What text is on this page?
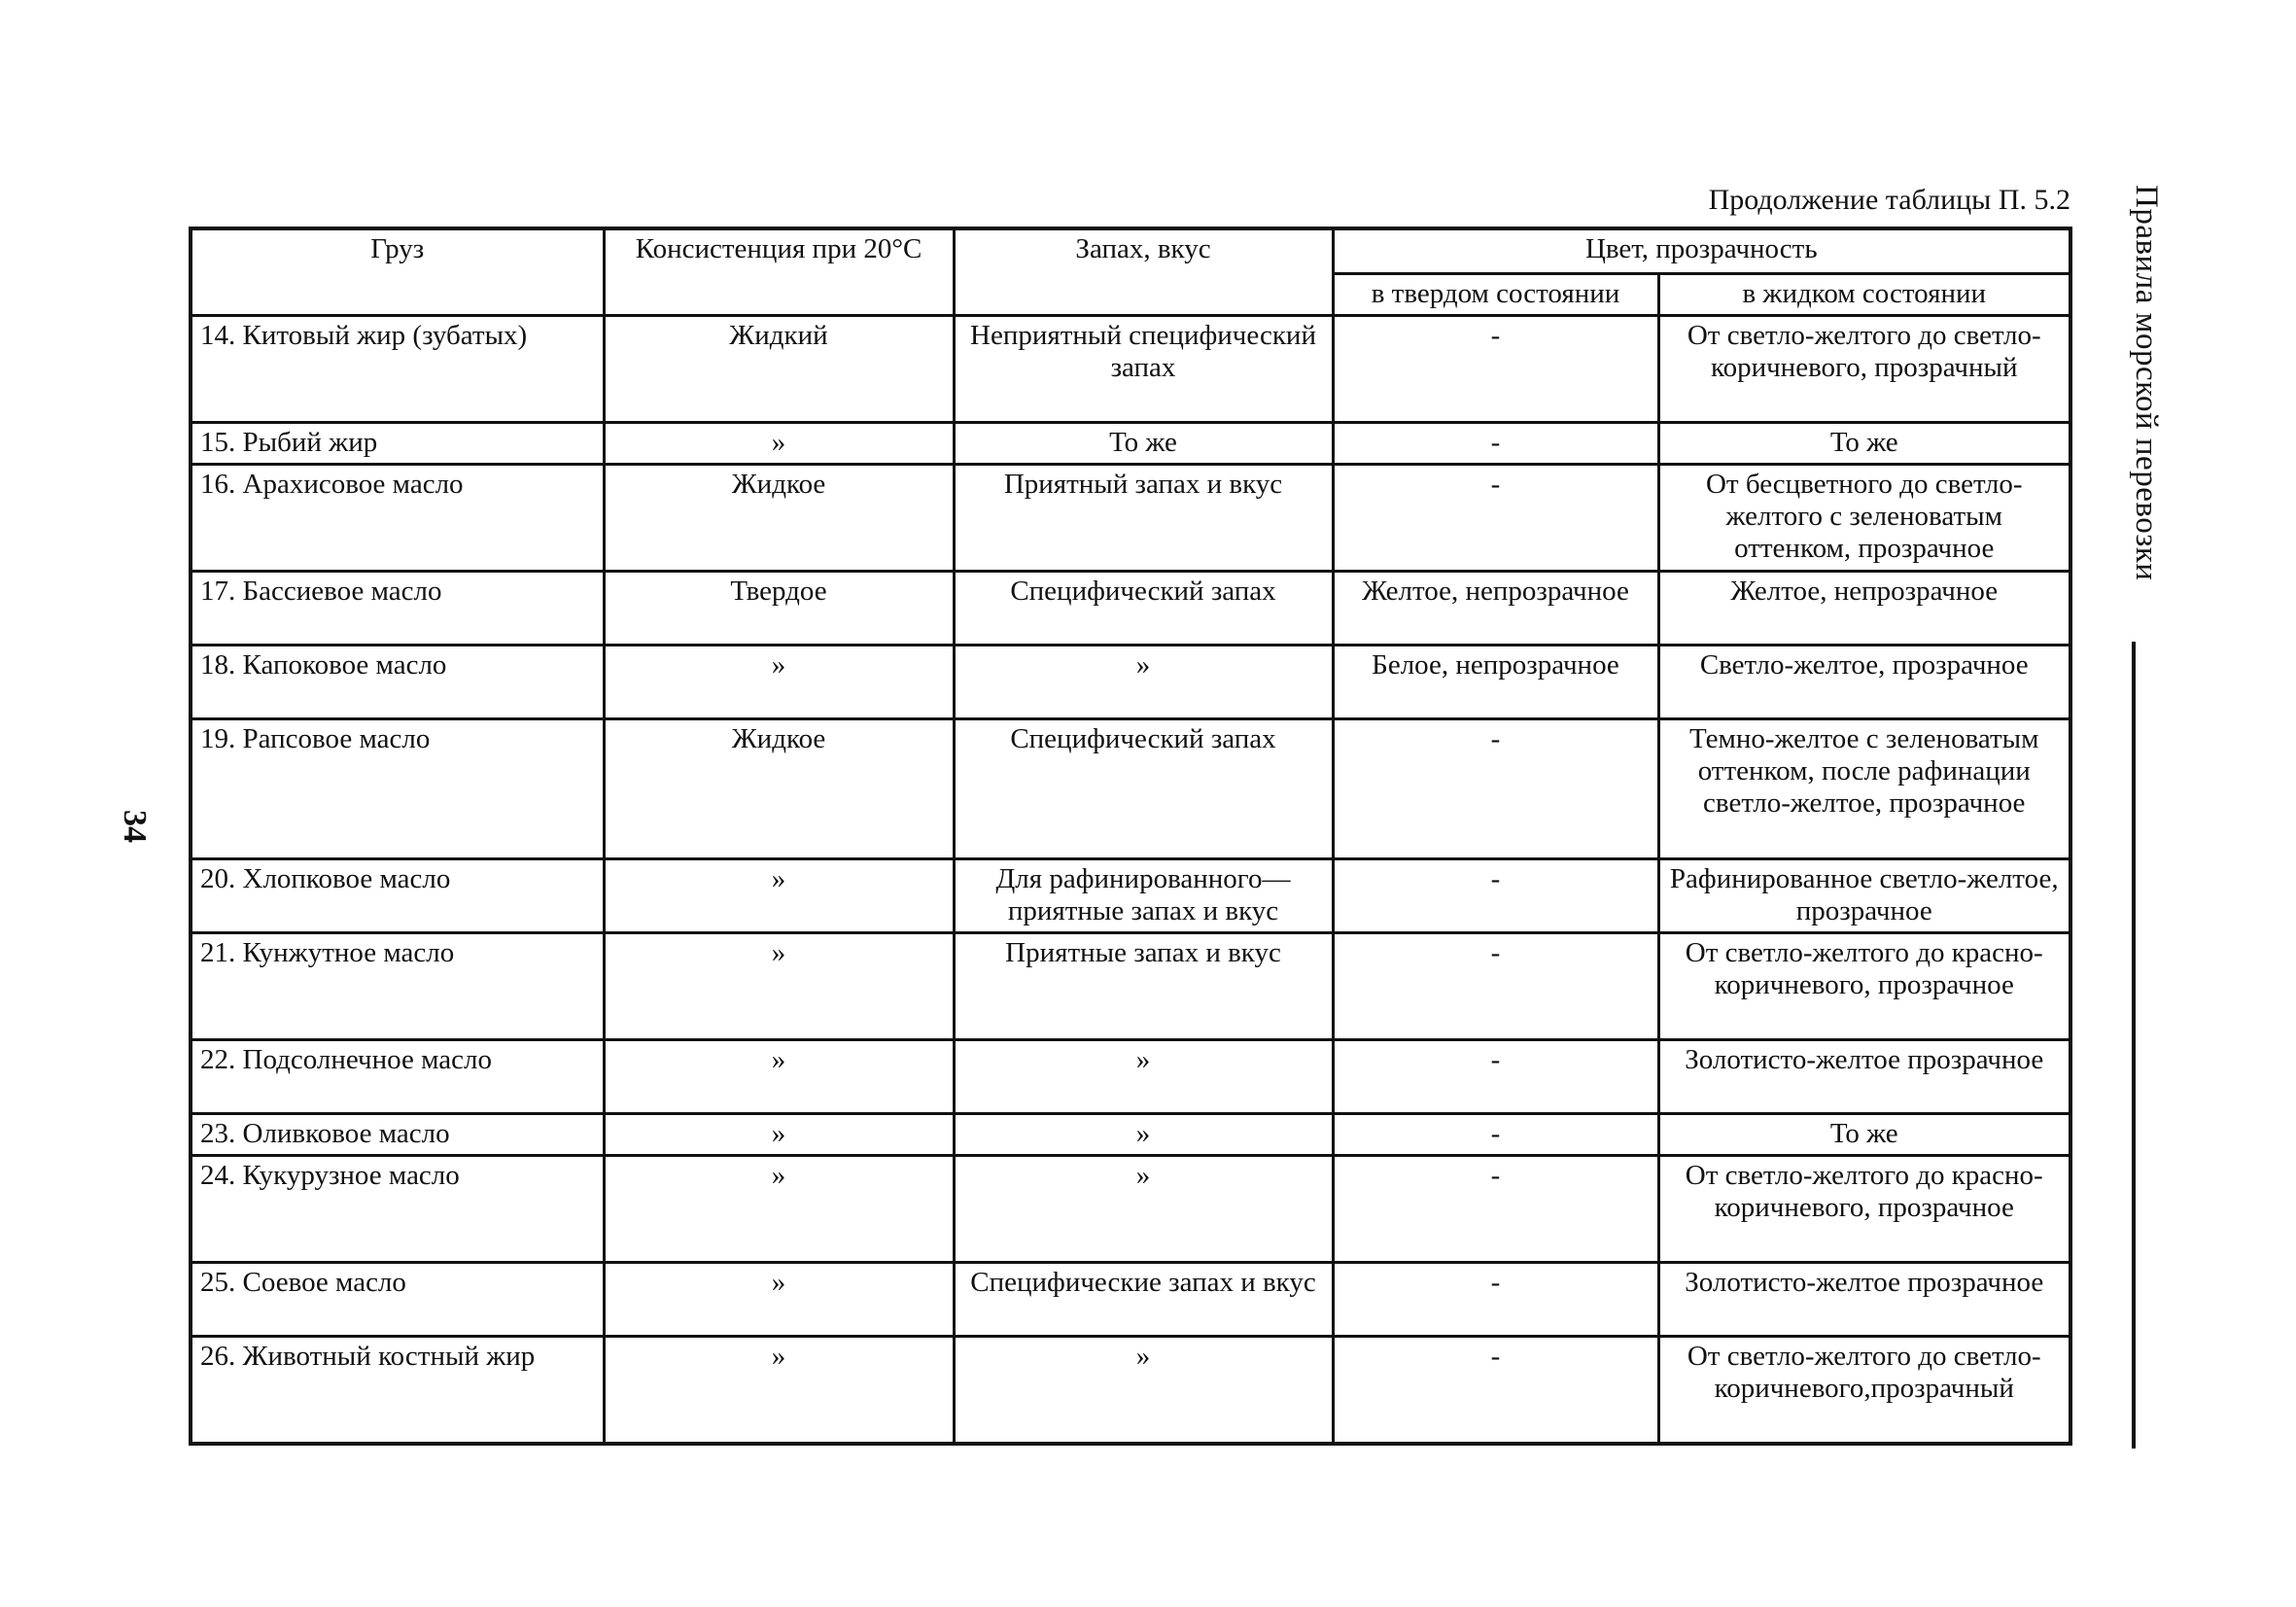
Продолжение таблицы П. 5.2 Правила морской перевозки
34
Груз	Консистенция при 20°С	Запах, вкус	Цвет, прозрачность	
			в твердом состоянии	в жидком состоянии
14. Китовый жир (зубатых)	Жидкий	Неприятный специфический запах	-	От светло-желтого до светло-коричневого, прозрачный
15. Рыбий жир	»	То же	-	То же
16. Арахисовое масло	Жидкое	Приятный запах и вкус	-	От бесцветного до светло-желтого с зеленоватым оттенком, прозрачное
17. Бассиевое масло	Твердое	Специфический запах	Желтое, непрозрачное	Желтое, непрозрачное
18. Капоковое масло	»	»	Белое, непрозрачное	Светло-желтое, прозрачное
19. Рапсовое масло	Жидкое	Специфический запах	-	Темно-желтое с зеленоватым оттенком, после рафинации светло-желтое, прозрачное
20. Хлопковое масло	»	Для рафинированного— приятные запах и вкус	-	Рафинированное светло-желтое, прозрачное
21. Кунжутное масло	»	Приятные запах и вкус	-	От светло-желтого до красно-коричневого, прозрачное
22. Подсолнечное масло	»	»	-	Золотисто-желтое прозрачное
23. Оливковое масло	»	»	-	То же
24. Кукурузное масло	»	»	-	От светло-желтого до красно-коричневого, прозрачное
25. Соевое масло	»	Специфические запах и вкус	-	Золотисто-желтое прозрачное
26. Животный костный жир	»	»	-	От светло-желтого до светло-коричневого,прозрачный
